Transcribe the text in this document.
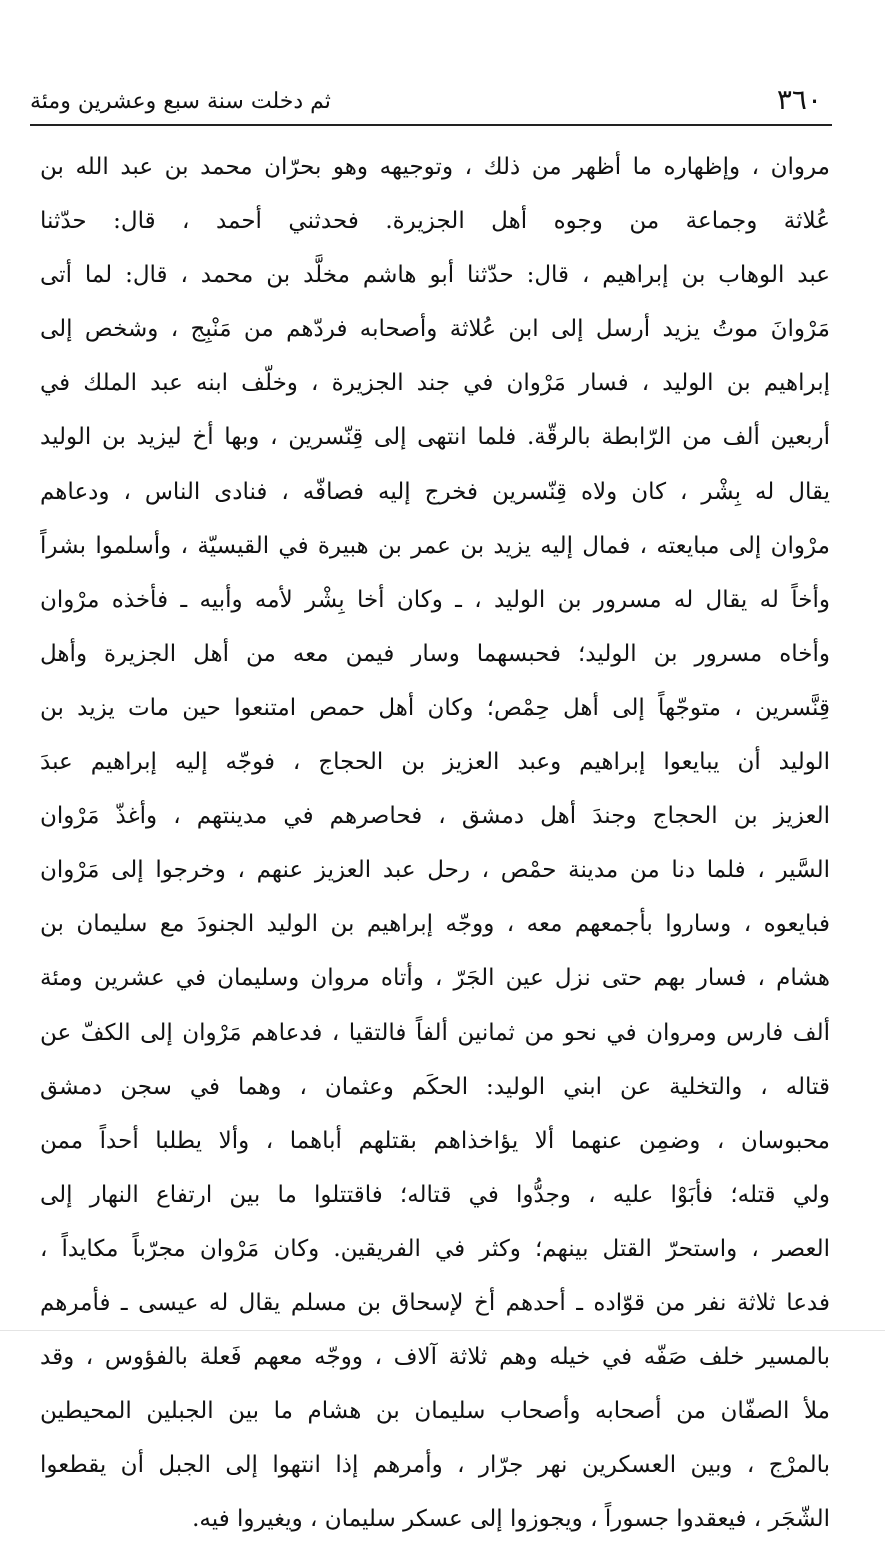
٣٦٠
ثم دخلت سنة سبع وعشرين ومئة
مروان ، وإظهاره ما أظهر من ذلك ، وتوجيهه وهو بحرّان محمد بن عبد الله بن
عُلاثة وجماعة من وجوه أهل الجزيرة. فحدثني أحمد ، قال: حدّثنا
عبد الوهاب بن إبراهيم ، قال: حدّثنا أبو هاشم مخلَّد بن محمد ، قال: لما أتى
مَرْوانَ موتُ يزيد أرسل إلى ابن عُلاثة وأصحابه فردّهم من مَنْبِج ، وشخص إلى
إبراهيم بن الوليد ، فسار مَرْوان في جند الجزيرة ، وخلّف ابنه عبد الملك في
أربعين ألف من الرّابطة بالرقّة. فلما انتهى إلى قِنّسرين ، وبها أخ ليزيد بن الوليد
يقال له بِشْر ، كان ولاه قِنّسرين فخرج إليه فصافّه ، فنادى الناس ، ودعاهم
مرْوان إلى مبايعته ، فمال إليه يزيد بن عمر بن هبيرة في القيسيّة ، وأسلموا بشراً
وأخاً له يقال له مسرور بن الوليد ، ـ وكان أخا بِشْر لأمه وأبيه ـ فأخذه مرْوان
وأخاه مسرور بن الوليد؛ فحبسهما وسار فيمن معه من أهل الجزيرة وأهل
قِنَّسرين ، متوجّهاً إلى أهل حِمْص؛ وكان أهل حمص امتنعوا حين مات يزيد بن
الوليد أن يبايعوا إبراهيم وعبد العزيز بن الحجاج ، فوجّه إليه إبراهيم عبدَ
العزيز بن الحجاج وجندَ أهل دمشق ، فحاصرهم في مدينتهم ، وأغذّ مَرْوان
السَّير ، فلما دنا من مدينة حمْص ، رحل عبد العزيز عنهم ، وخرجوا إلى مَرْوان
فبايعوه ، وساروا بأجمعهم معه ، ووجّه إبراهيم بن الوليد الجنودَ مع سليمان بن
هشام ، فسار بهم حتى نزل عين الجَرّ ، وأتاه مروان وسليمان في عشرين ومئة
ألف فارس ومروان في نحو من ثمانين ألفاً فالتقيا ، فدعاهم مَرْوان إلى الكفّ عن
قتاله ، والتخلية عن ابني الوليد: الحكَم وعثمان ، وهما في سجن دمشق
محبوسان ، وضمِن عنهما ألا يؤاخذاهم بقتلهم أباهما ، وألا يطلبا أحداً ممن
ولي قتله؛ فأبَوْا عليه ، وجدُّوا في قتاله؛ فاقتتلوا ما بين ارتفاع النهار إلى
العصر ، واستحرّ القتل بينهم؛ وكثر في الفريقين. وكان مَرْوان مجرّباً مكايداً ،
فدعا ثلاثة نفر من قوّاده ـ أحدهم أخ لإسحاق بن مسلم يقال له عيسى ـ فأمرهم
بالمسير خلف صَفّه في خيله وهم ثلاثة آلاف ، ووجّه معهم فَعلة بالفؤوس ، وقد
ملأ الصفّان من أصحابه وأصحاب سليمان بن هشام ما بين الجبلين المحيطين
بالمرْج ، وبين العسكرين نهر جرّار ، وأمرهم إذا انتهوا إلى الجبل أن يقطعوا
الشّجَر ، فيعقدوا جسوراً ، ويجوزوا إلى عسكر سليمان ، ويغيروا فيه.
